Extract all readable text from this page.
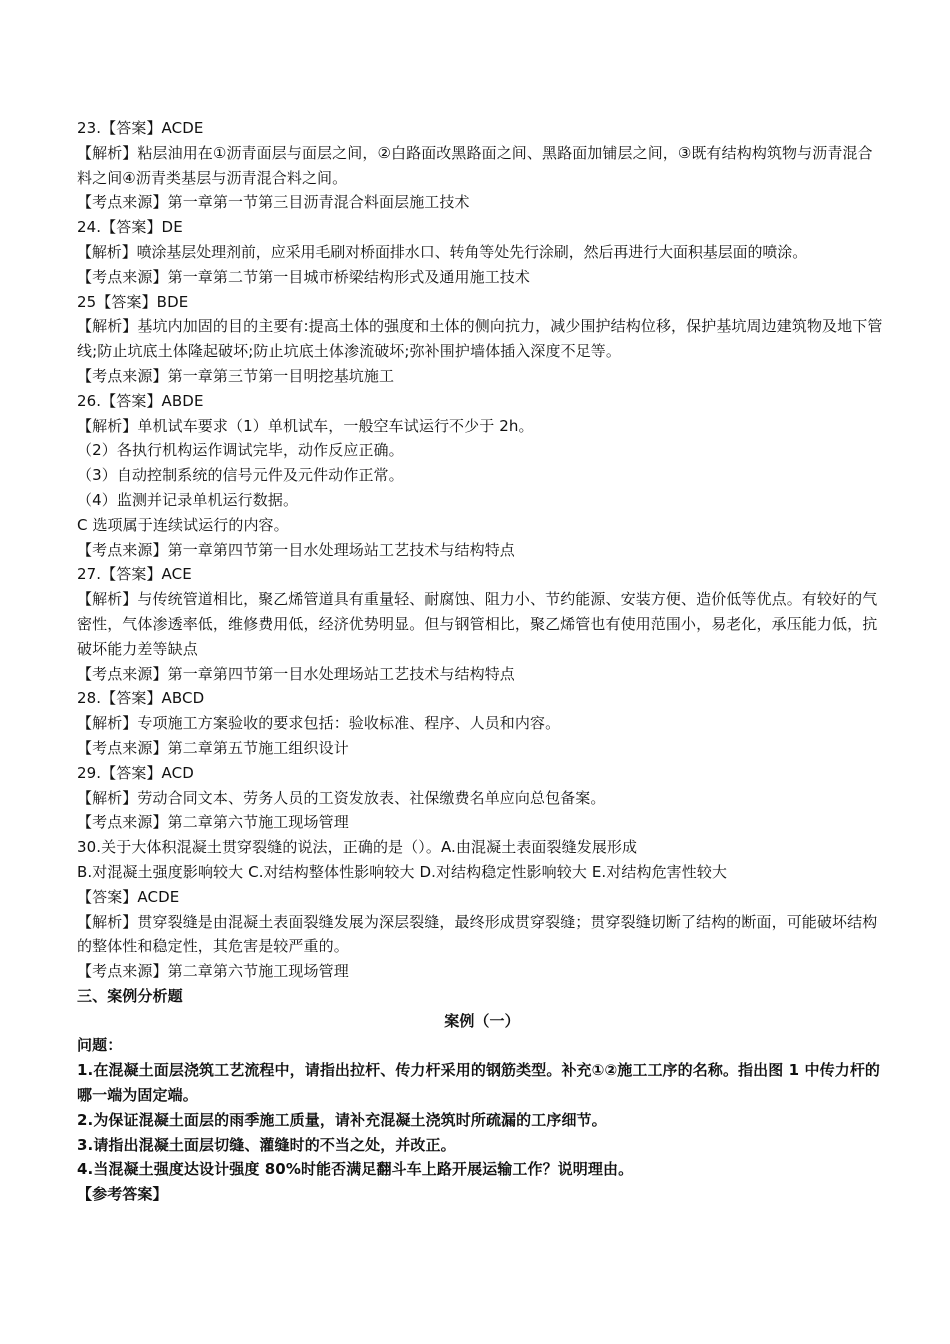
23.【答案】ACDE
【解析】粘层油用在①沥青面层与面层之间，②白路面改黑路面之间、黑路面加铺层之间，③既有结构构筑物与沥青混合料之间④沥青类基层与沥青混合料之间。
【考点来源】第一章第一节第三目沥青混合料面层施工技术
24.【答案】DE
【解析】喷涂基层处理剂前，应采用毛刷对桥面排水口、转角等处先行涂刷，然后再进行大面积基层面的喷涂。
【考点来源】第一章第二节第一目城市桥梁结构形式及通用施工技术
25【答案】BDE
【解析】基坑内加固的目的主要有:提高土体的强度和土体的侧向抗力，减少围护结构位移，保护基坑周边建筑物及地下管线;防止坑底土体隆起破坏;防止坑底土体渗流破坏;弥补围护墙体插入深度不足等。
【考点来源】第一章第三节第一目明挖基坑施工
26.【答案】ABDE
【解析】单机试车要求（1）单机试车，一般空车试运行不少于 2h。
（2）各执行机构运作调试完毕，动作反应正确。
（3）自动控制系统的信号元件及元件动作正常。
（4）监测并记录单机运行数据。
C 选项属于连续试运行的内容。
【考点来源】第一章第四节第一目水处理场站工艺技术与结构特点
27.【答案】ACE
【解析】与传统管道相比，聚乙烯管道具有重量轻、耐腐蚀、阻力小、节约能源、安装方便、造价低等优点。有较好的气密性，气体渗透率低，维修费用低，经济优势明显。但与钢管相比，聚乙烯管也有使用范围小，易老化，承压能力低，抗破坏能力差等缺点
【考点来源】第一章第四节第一目水处理场站工艺技术与结构特点
28.【答案】ABCD
【解析】专项施工方案验收的要求包括：验收标准、程序、人员和内容。
【考点来源】第二章第五节施工组织设计
29.【答案】ACD
【解析】劳动合同文本、劳务人员的工资发放表、社保缴费名单应向总包备案。
【考点来源】第二章第六节施工现场管理
30.关于大体积混凝土贯穿裂缝的说法，正确的是（）。A.由混凝土表面裂缝发展形成
B.对混凝土强度影响较大 C.对结构整体性影响较大 D.对结构稳定性影响较大 E.对结构危害性较大
【答案】ACDE
【解析】贯穿裂缝是由混凝土表面裂缝发展为深层裂缝，最终形成贯穿裂缝；贯穿裂缝切断了结构的断面，可能破坏结构的整体性和稳定性，其危害是较严重的。
【考点来源】第二章第六节施工现场管理
三、案例分析题
案例（一）
问题：
1.在混凝土面层浇筑工艺流程中，请指出拉杆、传力杆采用的钢筋类型。补充①②施工工序的名称。指出图 1 中传力杆的哪一端为固定端。
2.为保证混凝土面层的雨季施工质量，请补充混凝土浇筑时所疏漏的工序细节。
3.请指出混凝土面层切缝、灌缝时的不当之处，并改正。
4.当混凝土强度达设计强度 80%时能否满足翻斗车上路开展运输工作？说明理由。
【参考答案】
